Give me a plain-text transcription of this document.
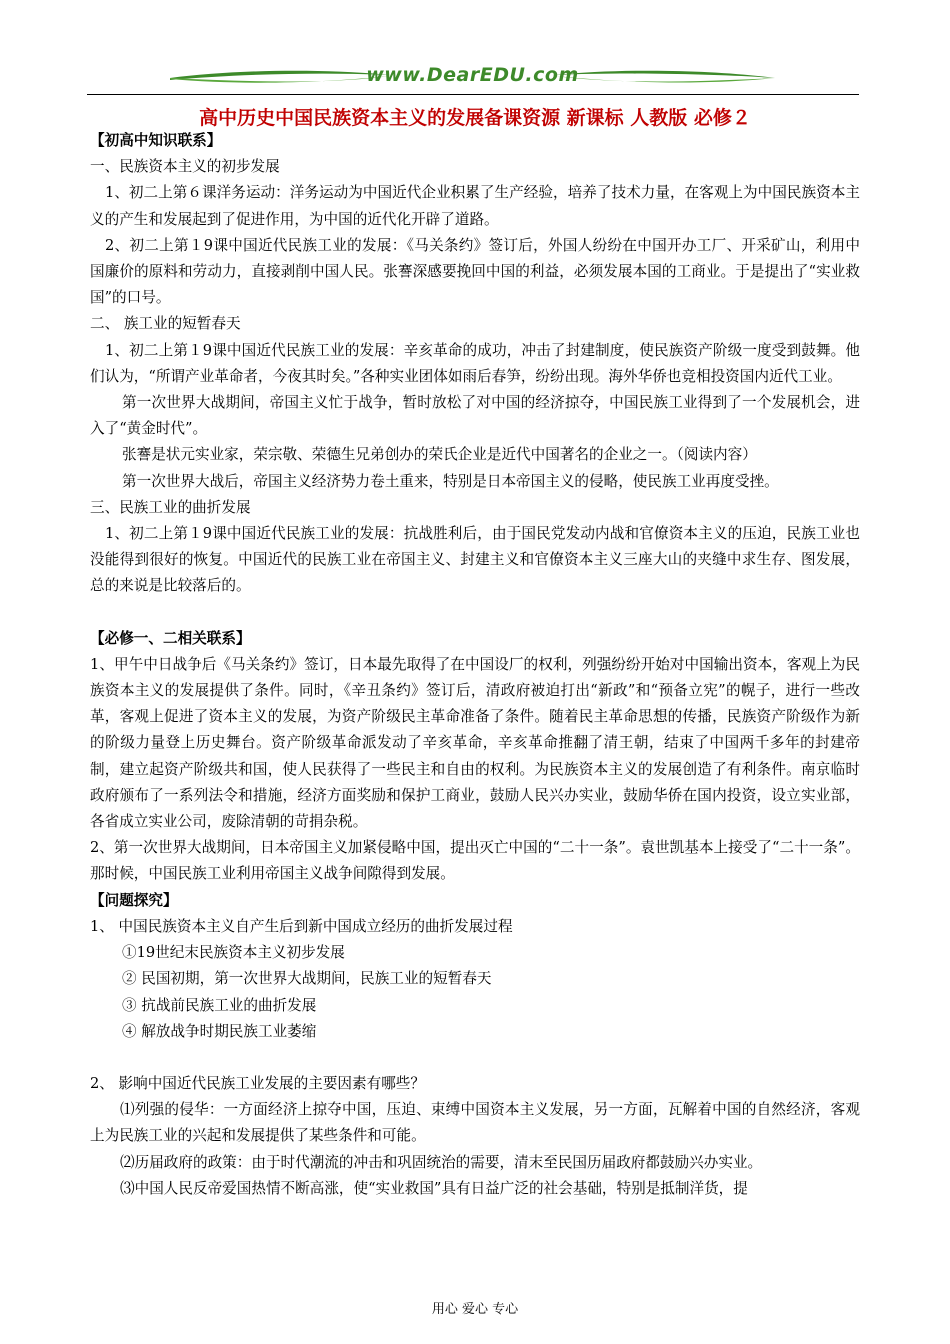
www.DearEDU.com
高中历史中国民族资本主义的发展备课资源 新课标 人教版 必修２

【初高中知识联系】

一、民族资本主义的初步发展

1、初二上第６课洋务运动：洋务运动为中国近代企业积累了生产经验，培养了技术力量，在客观上为中国民族资本主义的产生和发展起到了促进作用，为中国的近代化开辟了道路。

2、初二上第１9课中国近代民族工业的发展：《马关条约》签订后，外国人纷纷在中国开办工厂、开采矿山，利用中国廉价的原料和劳动力，直接剥削中国人民。张謇深感要挽回中国的利益，必须发展本国的工商业。于是提出了“实业救国”的口号。

二、 族工业的短暂春天

1、初二上第１9课中国近代民族工业的发展：辛亥革命的成功，冲击了封建制度，使民族资产阶级一度受到鼓舞。他们认为，“所谓产业革命者，今夜其时矣。”各种实业团体如雨后春笋，纷纷出现。海外华侨也竞相投资国内近代工业。

第一次世界大战期间，帝国主义忙于战争，暂时放松了对中国的经济掠夺，中国民族工业得到了一个发展机会，进入了“黄金时代”。

张謇是状元实业家，荣宗敬、荣德生兄弟创办的荣氏企业是近代中国著名的企业之一。（阅读内容）

第一次世界大战后，帝国主义经济势力卷土重来，特别是日本帝国主义的侵略，使民族工业再度受挫。

三、民族工业的曲折发展

1、初二上第１9课中国近代民族工业的发展：抗战胜利后，由于国民党发动内战和官僚资本主义的压迫，民族工业也没能得到很好的恢复。中国近代的民族工业在帝国主义、封建主义和官僚资本主义三座大山的夹缝中求生存、图发展，总的来说是比较落后的。

【必修一、二相关联系】

1、甲午中日战争后《马关条约》签订，日本最先取得了在中国设厂的权利，列强纷纷开始对中国输出资本，客观上为民族资本主义的发展提供了条件。同时，《辛丑条约》签订后，清政府被迫打出“新政”和“预备立宪”的幌子，进行一些改革，客观上促进了资本主义的发展，为资产阶级民主革命准备了条件。随着民主革命思想的传播，民族资产阶级作为新的阶级力量登上历史舞台。资产阶级革命派发动了辛亥革命，辛亥革命推翻了清王朝，结束了中国两千多年的封建帝制，建立起资产阶级共和国，使人民获得了一些民主和自由的权利。为民族资本主义的发展创造了有利条件。南京临时政府颁布了一系列法令和措施，经济方面奖励和保护工商业，鼓励人民兴办实业，鼓励华侨在国内投资，设立实业部，各省成立实业公司，废除清朝的苛捐杂税。

2、第一次世界大战期间，日本帝国主义加紧侵略中国，提出灭亡中国的“二十一条”。袁世凯基本上接受了“二十一条”。那时候，中国民族工业利用帝国主义战争间隙得到发展。

【问题探究】

1、 中国民族资本主义自产生后到新中国成立经历的曲折发展过程

①19世纪末民族资本主义初步发展

② 民国初期，第一次世界大战期间，民族工业的短暂春天

③ 抗战前民族工业的曲折发展

④ 解放战争时期民族工业萎缩

2、 影响中国近代民族工业发展的主要因素有哪些？

⑴列强的侵华：一方面经济上掠夺中国，压迫、束缚中国资本主义发展，另一方面，瓦解着中国的自然经济，客观上为民族工业的兴起和发展提供了某些条件和可能。

⑵历届政府的政策：由于时代潮流的冲击和巩固统治的需要，清末至民国历届政府都鼓励兴办实业。

⑶中国人民反帝爱国热情不断高涨，使“实业救国”具有日益广泛的社会基础，特别是抵制洋货，提

用心 爱心 专心
